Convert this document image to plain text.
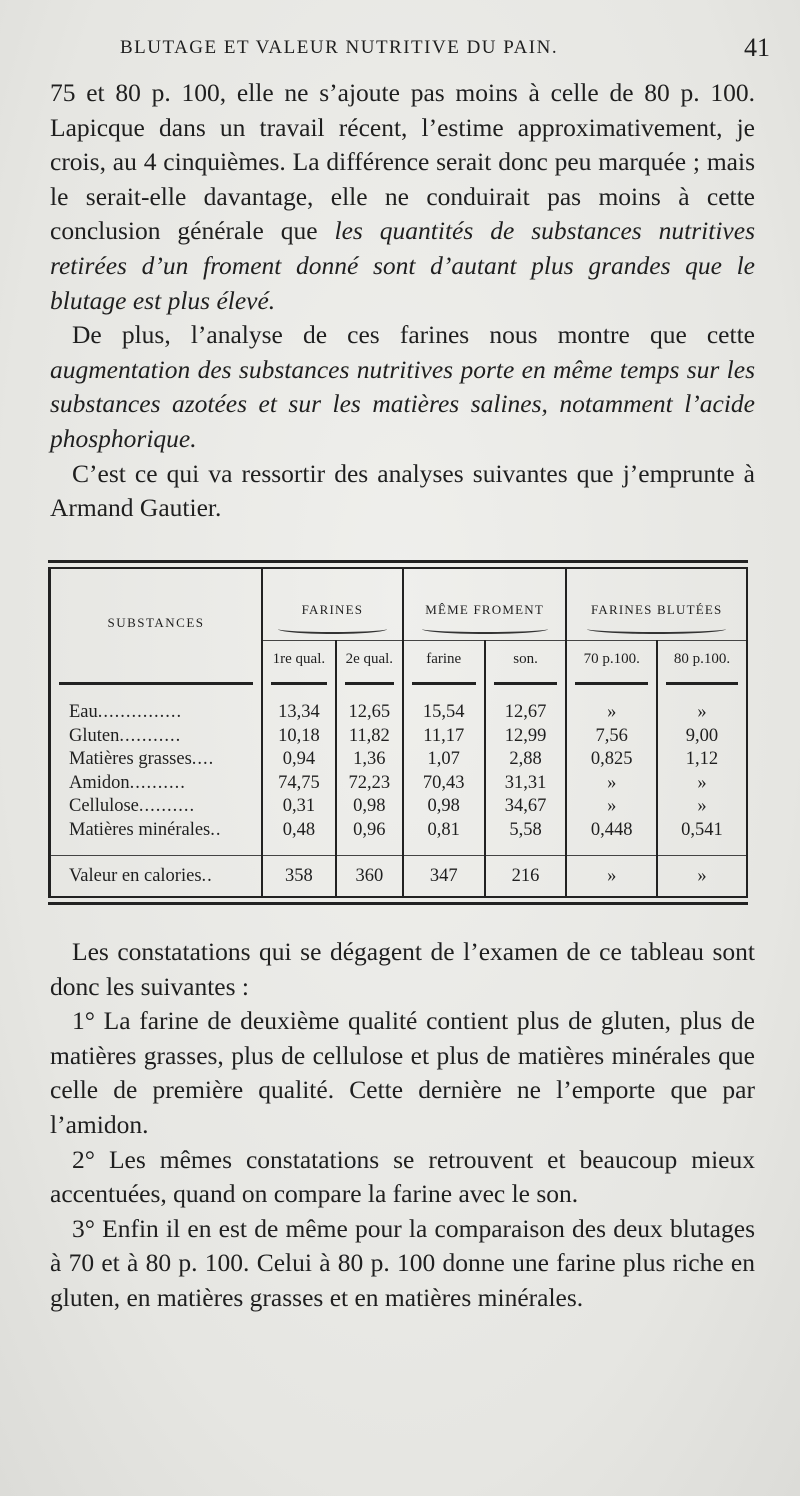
BLUTAGE ET VALEUR NUTRITIVE DU PAIN.	41

75 et 80 p. 100, elle ne s’ajoute pas moins à celle de 80 p. 100. Lapicque dans un travail récent, l’estime approximativement, je crois, au 4 cinquièmes. La différence serait donc peu marquée ; mais le serait-elle davantage, elle ne conduirait pas moins à cette conclusion générale que les quantités de substances nutritives retirées d’un froment donné sont d’autant plus grandes que le blutage est plus élevé.

De plus, l’analyse de ces farines nous montre que cette augmentation des substances nutritives porte en même temps sur les substances azotées et sur les matières salines, notamment l’acide phosphorique.

C’est ce qui va ressortir des analyses suivantes que j’emprunte à Armand Gautier.

SUBSTANCES	FARINES		MÊME FROMENT		FARINES BLUTÉES	

	1re qual.	2e qual.	farine	son.	70 p.100.	80 p.100.

Eau...............	13,34	12,65	15,54	12,67	»	»
Gluten...........	10,18	11,82	11,17	12,99	7,56	9,00
Matières grasses....	0,94	1,36	1,07	2,88	0,825	1,12
Amidon..........	74,75	72,23	70,43	31,31	»	»
Cellulose..........	0,31	0,98	0,98	34,67	»	»
Matières minérales..	0,48	0,96	0,81	5,58	0,448	0,541

Valeur en calories..	358	360	347	216	»	»

Les constatations qui se dégagent de l’examen de ce tableau sont donc les suivantes :

1° La farine de deuxième qualité contient plus de gluten, plus de matières grasses, plus de cellulose et plus de matières minérales que celle de première qualité. Cette dernière ne l’emporte que par l’amidon.

2° Les mêmes constatations se retrouvent et beaucoup mieux accentuées, quand on compare la farine avec le son.

3° Enfin il en est de même pour la comparaison des deux blutages à 70 et à 80 p. 100. Celui à 80 p. 100 donne une farine plus riche en gluten, en matières grasses et en matières minérales.
